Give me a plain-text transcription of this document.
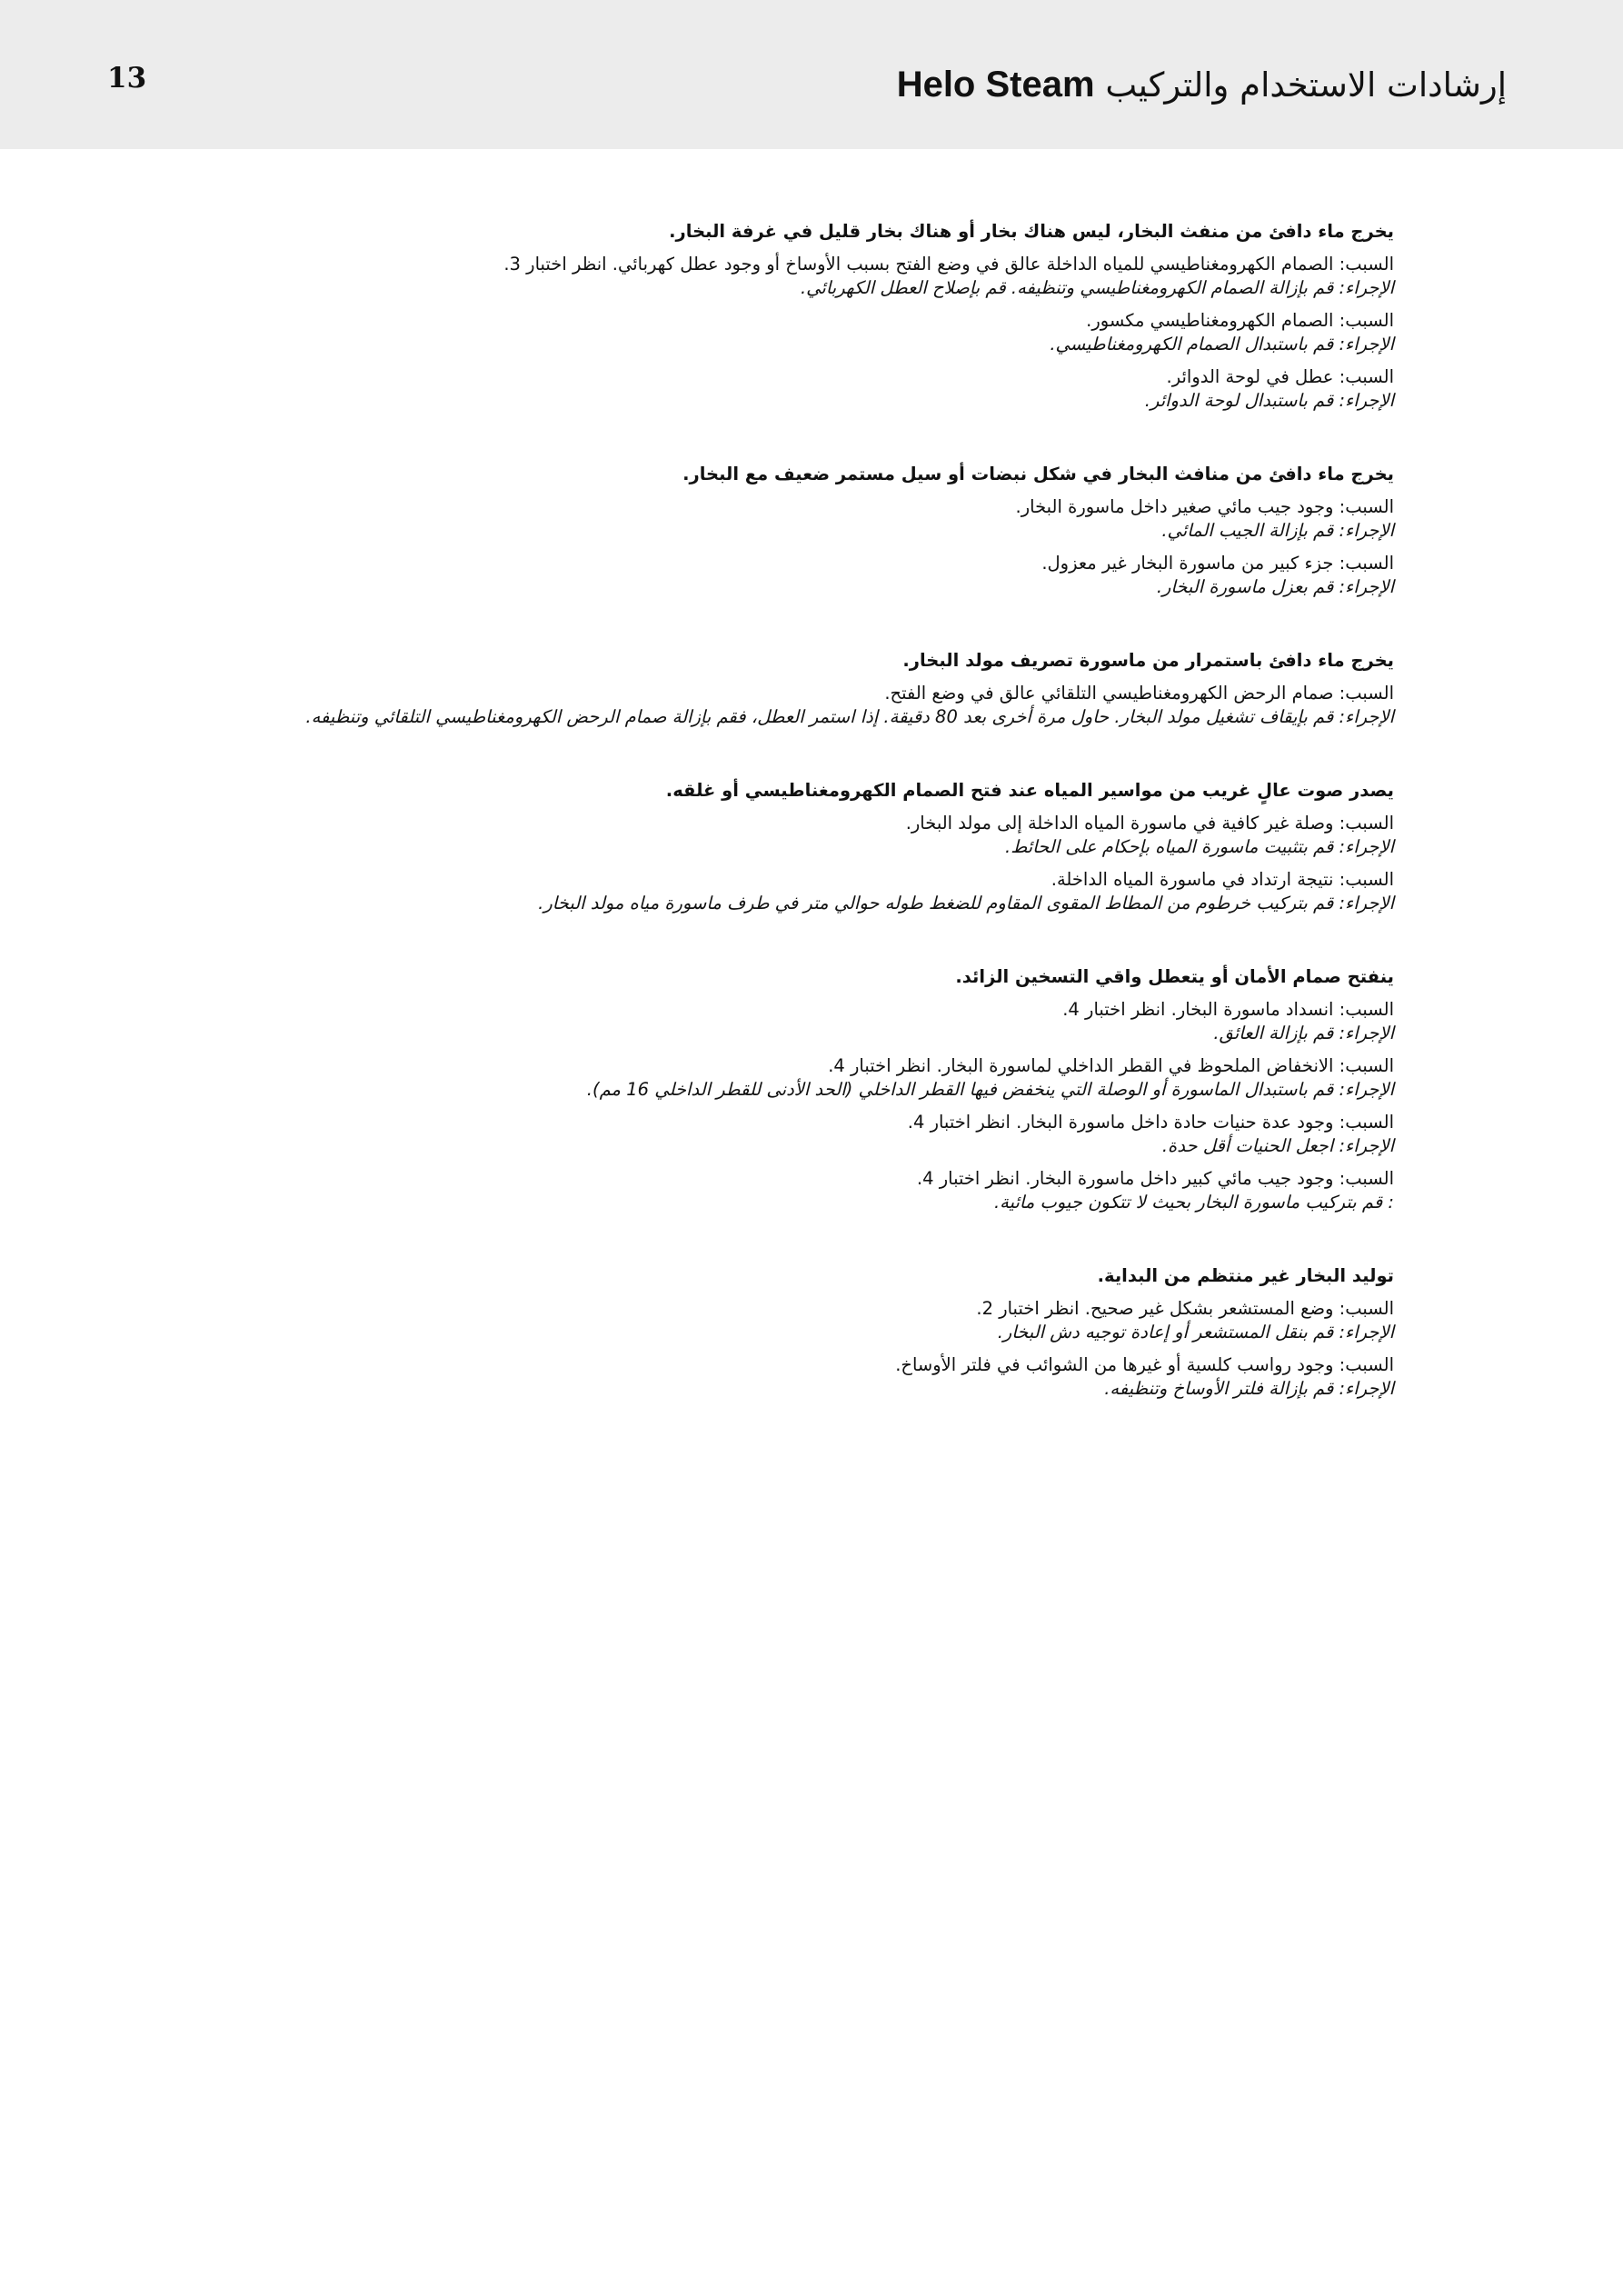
13	إرشادات الاستخدام والتركيب Helo Steam
يخرج ماء دافئ من منفث البخار، ليس هناك بخار أو هناك بخار قليل في غرفة البخار.
السبب: الصمام الكهرومغناطيسي للمياه الداخلة عالق في وضع الفتح بسبب الأوساخ أو وجود عطل كهربائي. انظر اختبار 3.
الإجراء: قم بإزالة الصمام الكهرومغناطيسي وتنظيفه. قم بإصلاح العطل الكهربائي.
السبب: الصمام الكهرومغناطيسي مكسور.
الإجراء: قم باستبدال الصمام الكهرومغناطيسي.
السبب: عطل في لوحة الدوائر.
الإجراء: قم باستبدال لوحة الدوائر.
يخرج ماء دافئ من منافث البخار في شكل نبضات أو سيل مستمر ضعيف مع البخار.
السبب: وجود جيب مائي صغير داخل ماسورة البخار.
الإجراء: قم بإزالة الجيب المائي.
السبب: جزء كبير من ماسورة البخار غير معزول.
الإجراء: قم بعزل ماسورة البخار.
يخرج ماء دافئ باستمرار من ماسورة تصريف مولد البخار.
السبب: صمام الرحض الكهرومغناطيسي التلقائي عالق في وضع الفتح.
الإجراء: قم بإيقاف تشغيل مولد البخار. حاول مرة أخرى بعد 80 دقيقة. إذا استمر العطل، فقم بإزالة صمام الرحض الكهرومغناطيسي التلقائي وتنظيفه.
يصدر صوت عالٍ غريب من مواسير المياه عند فتح الصمام الكهرومغناطيسي أو غلقه.
السبب: وصلة غير كافية في ماسورة المياه الداخلة إلى مولد البخار.
الإجراء: قم بتثبيت ماسورة المياه بإحكام على الحائط.
السبب: نتيجة ارتداد في ماسورة المياه الداخلة.
الإجراء: قم بتركيب خرطوم من المطاط المقوى المقاوم للضغط طوله حوالي متر في طرف ماسورة مياه مولد البخار.
ينفتح صمام الأمان أو يتعطل واقي التسخين الزائد.
السبب: انسداد ماسورة البخار. انظر اختبار 4.
الإجراء: قم بإزالة العائق.
السبب: الانخفاض الملحوظ في القطر الداخلي لماسورة البخار. انظر اختبار 4.
الإجراء: قم باستبدال الماسورة أو الوصلة التي ينخفض فيها القطر الداخلي (الحد الأدنى للقطر الداخلي 16 مم).
السبب: وجود عدة حنيات حادة داخل ماسورة البخار. انظر اختبار 4.
الإجراء: اجعل الحنيات أقل حدة.
السبب: وجود جيب مائي كبير داخل ماسورة البخار. انظر اختبار 4.
: قم بتركيب ماسورة البخار بحيث لا تتكون جيوب مائية.
توليد البخار غير منتظم من البداية.
السبب: وضع المستشعر بشكل غير صحيح. انظر اختبار 2.
الإجراء: قم بنقل المستشعر أو إعادة توجيه دش البخار.
السبب: وجود رواسب كلسية أو غيرها من الشوائب في فلتر الأوساخ.
الإجراء: قم بإزالة فلتر الأوساخ وتنظيفه.
